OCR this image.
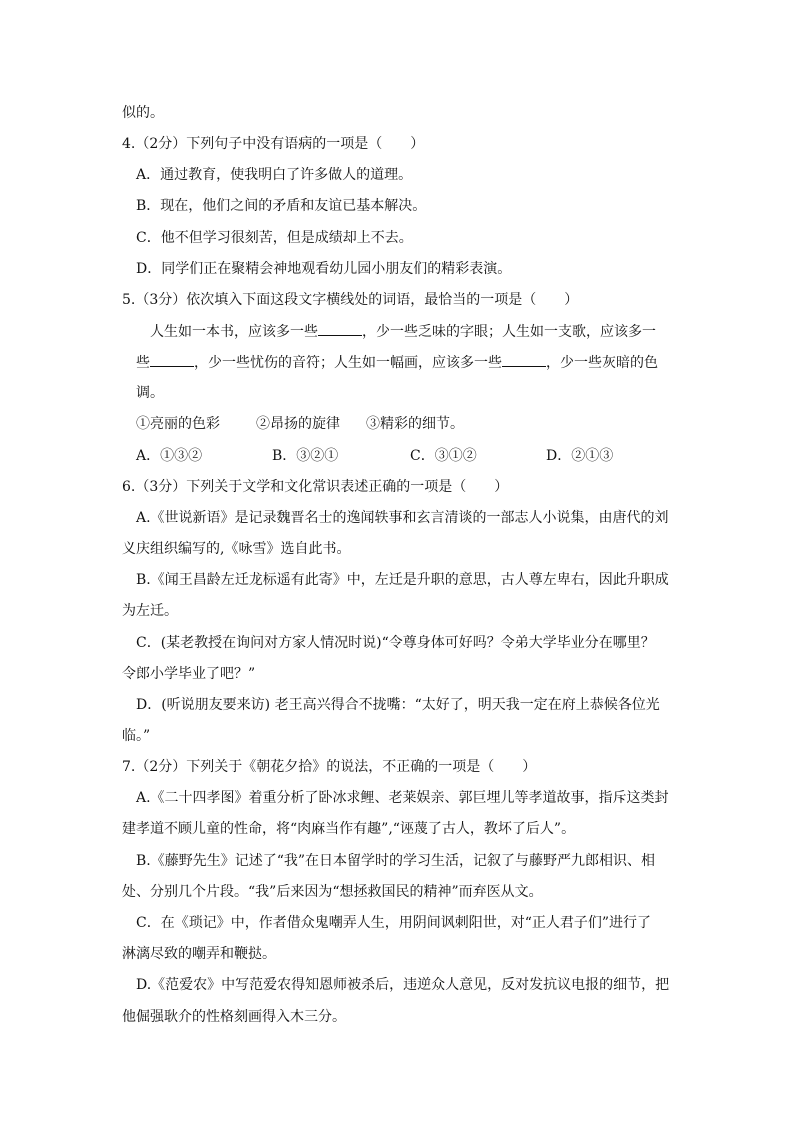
似的。
4.（2分）下列句子中没有语病的一项是（　　）
A．通过教育，使我明白了许多做人的道理。
B．现在，他们之间的矛盾和友谊已基本解决。
C．他不但学习很刻苦，但是成绩却上不去。
D．同学们正在聚精会神地观看幼儿园小朋友们的精彩表演。
5.（3分）依次填入下面这段文字横线处的词语，最恰当的一项是（　　）
人生如一本书，应该多一些	，少一些乏味的字眼；人生如一支歌，应该多一
些	，少一些忧伤的音符；人生如一幅画，应该多一些	，少一些灰暗的色
调。
①亮丽的色彩	②昂扬的旋律 ③精彩的细节。
A．①③②	B．③②①	C．③①②	D．②①③
6.（3分）下列关于文学和文化常识表述正确的一项是（　　）
A.《世说新语》是记录魏晋名士的逸闻轶事和玄言清谈的一部志人小说集，由唐代的刘
义庆组织编写的,《咏雪》选自此书。
B.《闻王昌龄左迁龙标遥有此寄》中，左迁是升职的意思，古人尊左卑右，因此升职成
为左迁。
C．(某老教授在询问对方家人情况时说)“令尊身体可好吗？令弟大学毕业分在哪里？
令郎小学毕业了吧？”
D．(听说朋友要来访) 老王高兴得合不拢嘴：“太好了，明天我一定在府上恭候各位光
临。”
7.（2分）下列关于《朝花夕拾》的说法，不正确的一项是（　　）
A.《二十四孝图》着重分析了卧冰求鲤、老莱娱亲、郭巨埋儿等孝道故事，指斥这类封
建孝道不顾儿童的性命，将“肉麻当作有趣”,“诬蔑了古人，教坏了后人”。
B.《藤野先生》记述了“我”在日本留学时的学习生活，记叙了与藤野严九郎相识、相
处、分别几个片段。“我”后来因为“想拯救国民的精神”而弃医从文。
C．在《琐记》中，作者借众鬼嘲弄人生，用阴间讽刺阳世，对“正人君子们”进行了
淋漓尽致的嘲弄和鞭挞。
D.《范爱农》中写范爱农得知恩师被杀后，违逆众人意见，反对发抗议电报的细节，把
他倔强耿介的性格刻画得入木三分。
